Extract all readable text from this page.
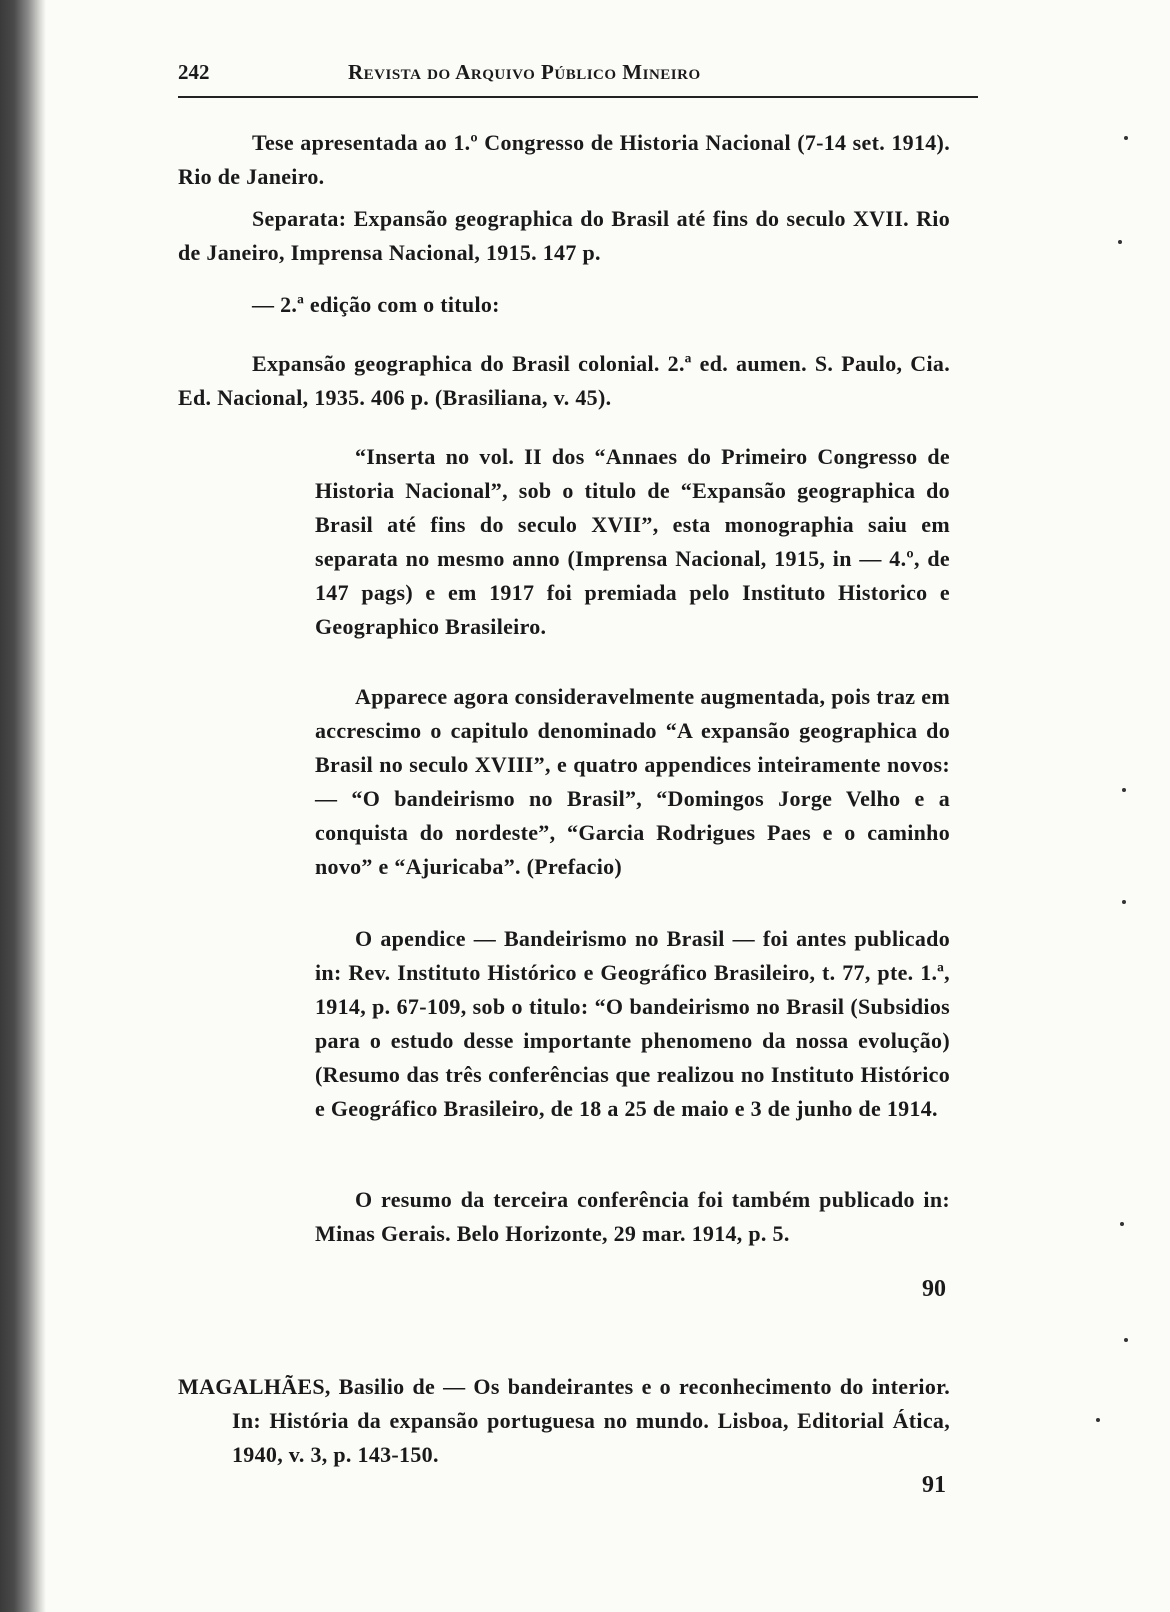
242	Revista do Arquivo Público Mineiro

Tese apresentada ao 1.º Congresso de Historia Nacional (7-14 set. 1914). Rio de Janeiro.

Separata: Expansão geographica do Brasil até fins do seculo XVII. Rio de Janeiro, Imprensa Nacional, 1915. 147 p.

— 2.ª edição com o titulo:

Expansão geographica do Brasil colonial. 2.ª ed. aumen. S. Paulo, Cia. Ed. Nacional, 1935. 406 p. (Brasiliana, v. 45).

“Inserta no vol. II dos “Annaes do Primeiro Congresso de Historia Nacional”, sob o titulo de “Expansão geographica do Brasil até fins do seculo XVII”, esta monographia saiu em separata no mesmo anno (Imprensa Nacional, 1915, in — 4.º, de 147 pags) e em 1917 foi premiada pelo Instituto Historico e Geographico Brasileiro.

Apparece agora consideravelmente augmentada, pois traz em accrescimo o capitulo denominado “A expansão geographica do Brasil no seculo XVIII”, e quatro appendices inteiramente novos: — “O bandeirismo no Brasil”, “Domingos Jorge Velho e a conquista do nordeste”, “Garcia Rodrigues Paes e o caminho novo” e “Ajuricaba”. (Prefacio)

O apendice — Bandeirismo no Brasil — foi antes publicado in: Rev. Instituto Histórico e Geográfico Brasileiro, t. 77, pte. 1.ª, 1914, p. 67-109, sob o titulo: “O bandeirismo no Brasil (Subsidios para o estudo desse importante phenomeno da nossa evolução) (Resumo das três conferências que realizou no Instituto Histórico e Geográfico Brasileiro, de 18 a 25 de maio e 3 de junho de 1914.

O resumo da terceira conferência foi também publicado in: Minas Gerais. Belo Horizonte, 29 mar. 1914, p. 5.

90

MAGALHÃES, Basilio de — Os bandeirantes e o reconhecimento do interior. In: História da expansão portuguesa no mundo. Lisboa, Editorial Ática, 1940, v. 3, p. 143-150.

91
